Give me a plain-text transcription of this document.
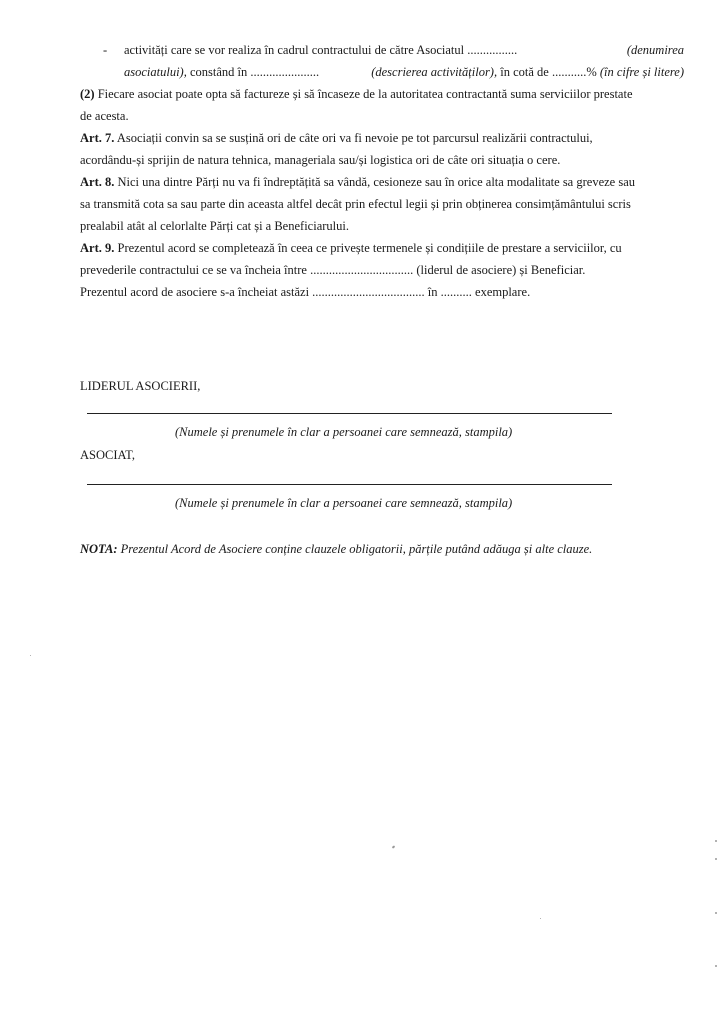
- activități care se vor realiza în cadrul contractului de către Asociatul ................	(denumirea
asociatului), constând în ......................	(descrierea activităților), în cotă de ...........% (în cifre și litere)
(2) Fiecare asociat poate opta să factureze și să încaseze de la autoritatea contractantă suma serviciilor prestate
de acesta.
Art. 7. Asociații convin sa se susțină ori de câte ori va fi nevoie pe tot parcursul realizării contractului,
acordându-și sprijin de natura tehnica, manageriala sau/și logistica ori de câte ori situația o cere.
Art. 8. Nici una dintre Părți nu va fi îndreptățită sa vândă, cesioneze sau în orice alta modalitate sa greveze sau
sa transmită cota sa sau parte din aceasta altfel decât prin efectul legii și prin obținerea consimțământului scris
prealabil atât al celorlalte Părți cat și a Beneficiarului.
Art. 9. Prezentul acord se completează în ceea ce privește termenele și condițiile de prestare a serviciilor, cu
prevederile contractului ce se va încheia între ................................. (liderul de asociere) și Beneficiar.
Prezentul acord de asociere s-a încheiat astăzi .................................... în .......... exemplare.
LIDERUL ASOCIERII,
(Numele și prenumele în clar a persoanei care semnează, stampila)
ASOCIAT,
(Numele și prenumele în clar a persoanei care semnează, stampila)
NOTA: Prezentul Acord de Asociere conține clauzele obligatorii, părțile putând adăuga și alte clauze.
